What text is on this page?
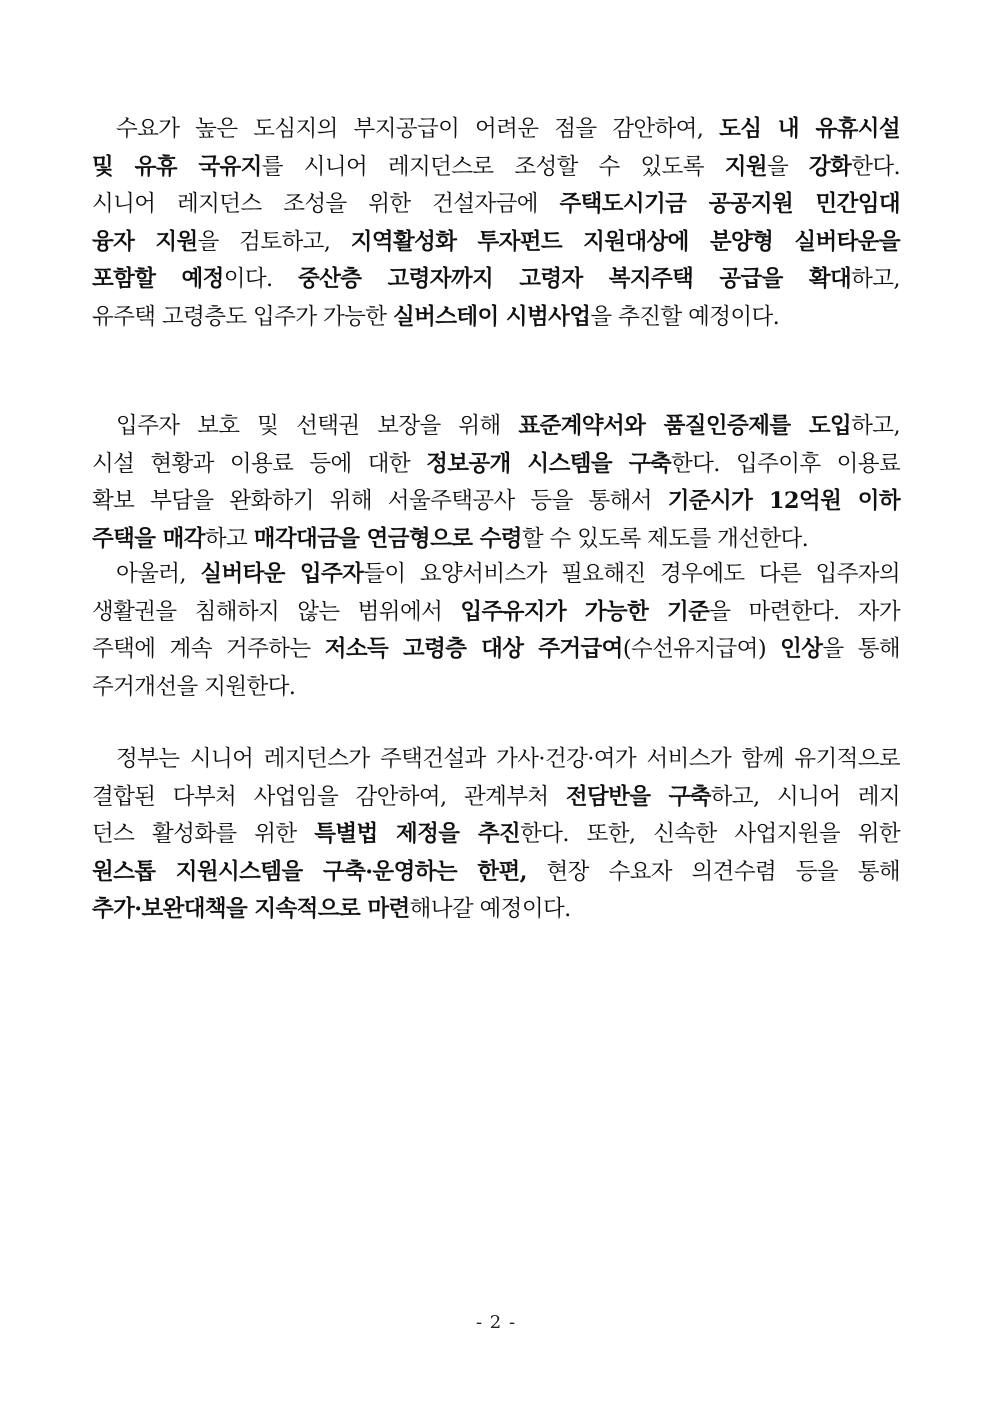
수요가 높은 도심지의 부지공급이 어려운 점을 감안하여, 도심 내 유휴시설
및 유휴 국유지를 시니어 레지던스로 조성할 수 있도록 지원을 강화한다.
시니어 레지던스 조성을 위한 건설자금에 주택도시기금 공공지원 민간임대
융자 지원을 검토하고, 지역활성화 투자펀드 지원대상에 분양형 실버타운을
포함할 예정이다. 중산층 고령자까지 고령자 복지주택 공급을 확대하고,
유주택 고령층도 입주가 가능한 실버스테이 시범사업을 추진할 예정이다.
입주자 보호 및 선택권 보장을 위해 표준계약서와 품질인증제를 도입하고,
시설 현황과 이용료 등에 대한 정보공개 시스템을 구축한다. 입주이후 이용료
확보 부담을 완화하기 위해 서울주택공사 등을 통해서 기준시가 12억원 이하
주택을 매각하고 매각대금을 연금형으로 수령할 수 있도록 제도를 개선한다.
아울러, 실버타운 입주자들이 요양서비스가 필요해진 경우에도 다른 입주자의
생활권을 침해하지 않는 범위에서 입주유지가 가능한 기준을 마련한다. 자가
주택에 계속 거주하는 저소득 고령층 대상 주거급여(수선유지급여) 인상을 통해
주거개선을 지원한다.
정부는 시니어 레지던스가 주택건설과 가사·건강·여가 서비스가 함께 유기적으로
결합된 다부처 사업임을 감안하여, 관계부처 전담반을 구축하고, 시니어 레지
던스 활성화를 위한 특별법 제정을 추진한다. 또한, 신속한 사업지원을 위한
원스톱 지원시스템을 구축·운영하는 한편, 현장 수요자 의견수렴 등을 통해
추가·보완대책을 지속적으로 마련해나갈 예정이다.
- 2 -
